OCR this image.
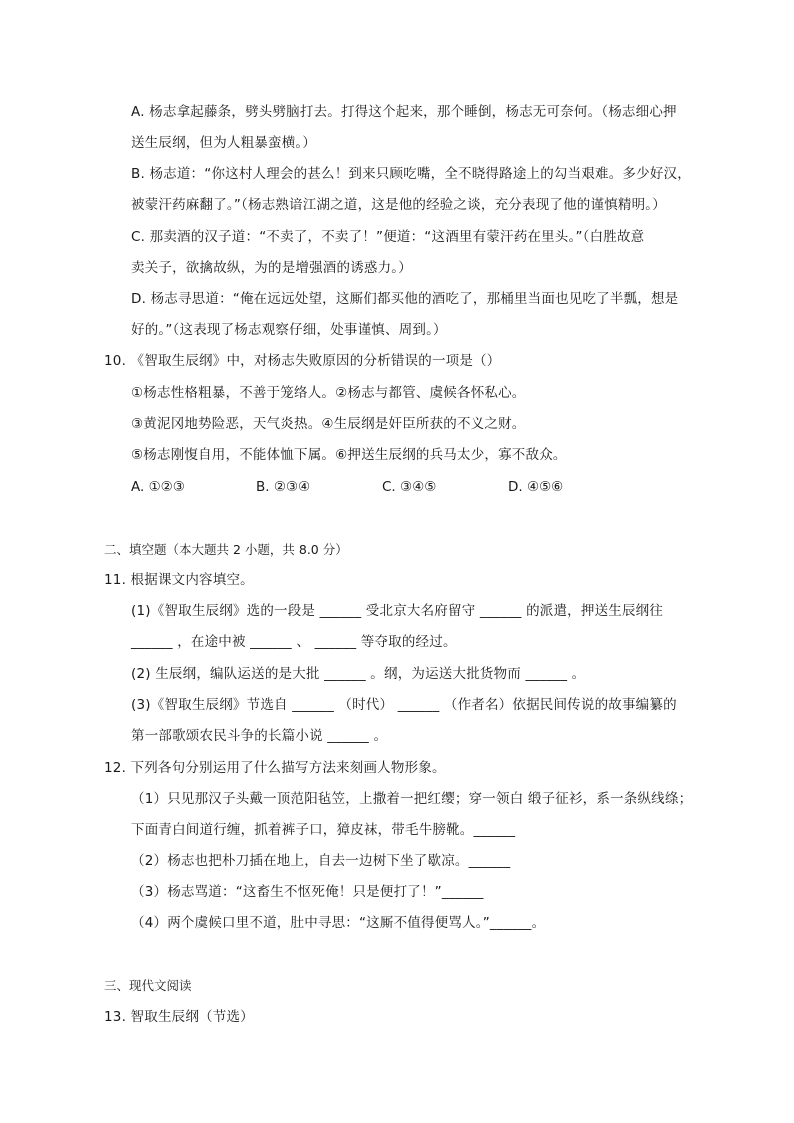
A. 杨志拿起藤条，劈头劈脑打去。打得这个起来，那个睡倒，杨志无可奈何。（杨志细心押
送生辰纲，但为人粗暴蛮横。）
B. 杨志道：“你这村人理会的甚么！到来只顾吃嘴，全不晓得路途上的勾当艰难。多少好汉，
被蒙汗药麻翻了。”（杨志熟谙江湖之道，这是他的经验之谈，充分表现了他的谨慎精明。）
C. 那卖酒的汉子道：“不卖了，不卖了！”便道：“这酒里有蒙汗药在里头。”（白胜故意
卖关子，欲擒故纵，为的是增强酒的诱惑力。）
D. 杨志寻思道：“俺在远远处望，这厮们都买他的酒吃了，那桶里当面也见吃了半瓢，想是
好的。”（这表现了杨志观察仔细，处事谨慎、周到。）
10. 《智取生辰纲》中，对杨志失败原因的分析错误的一项是（）
①杨志性格粗暴，不善于笼络人。②杨志与都管、虞候各怀私心。
③黄泥冈地势险恶，天气炎热。④生辰纲是奸臣所获的不义之财。
⑤杨志刚愎自用，不能体恤下属。⑥押送生辰纲的兵马太少，寡不敌众。
A. ①②③	B. ②③④	C. ③④⑤	D. ④⑤⑥
二、填空题（本大题共 2 小题，共 8.0 分）
11. 根据课文内容填空。
(1)《智取生辰纲》选的一段是 ______ 受北京大名府留守 ______ 的派遣，押送生辰纲往
______ ，在途中被 ______ 、 ______ 等夺取的经过。
(2) 生辰纲，编队运送的是大批 ______ 。纲，为运送大批货物而 ______ 。
(3)《智取生辰纲》节选自 ______ （时代） ______ （作者名）依据民间传说的故事编纂的
第一部歌颂农民斗争的长篇小说 ______ 。
12. 下列各句分别运用了什么描写方法来刻画人物形象。
（1）只见那汉子头戴一顶范阳毡笠，上撒着一把红缨；穿一领白 缎子征衫，系一条纵线绦；
下面青白间道行缠，抓着裤子口，獐皮袜，带毛牛膀靴。______
（2）杨志也把朴刀插在地上，自去一边树下坐了歇凉。______
（3）杨志骂道：“这畜生不怄死俺！只是便打了！”______
（4）两个虞候口里不道，肚中寻思：“这厮不值得便骂人。”______。
三、现代文阅读
13. 智取生辰纲（节选）
